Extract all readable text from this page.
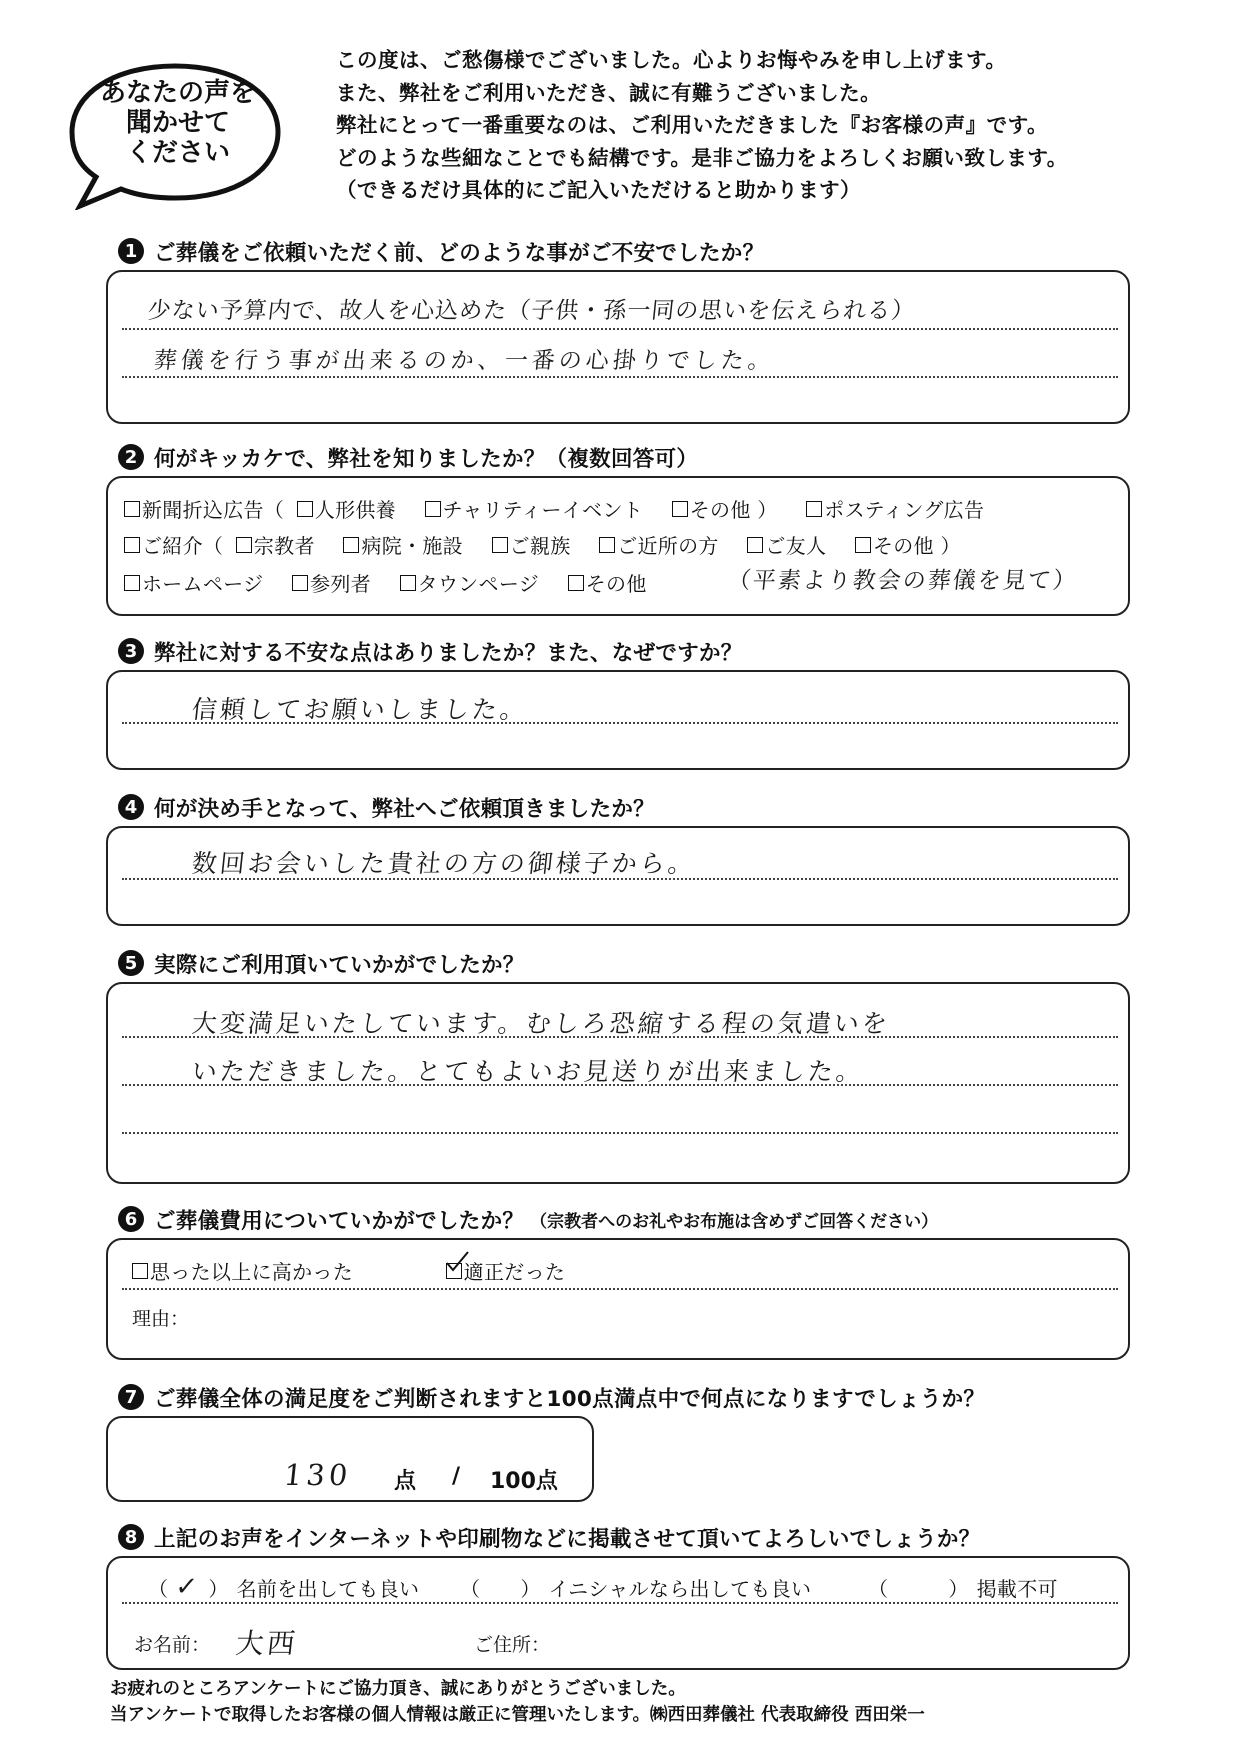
あなたの声を
聞かせて
ください
この度は、ご愁傷様でございました。心よりお悔やみを申し上げます。
また、弊社をご利用いただき、誠に有難うございました。
弊社にとって一番重要なのは、ご利用いただきました『お客様の声』です。
どのような些細なことでも結構です。是非ご協力をよろしくお願い致します。
（できるだけ具体的にご記入いただけると助かります）
1 ご葬儀をご依頼いただく前、どのような事がご不安でしたか？
少ない予算内で、故人を心込めた（子供・孫一同の思いを伝えられる）
葬儀を行う事が出来るのか、一番の心掛りでした。
2 何がキッカケで、弊社を知りましたか？（複数回答可）
新聞折込広告（
人形供養
チャリティーイベント
その他 ）
ポスティング広告
ご紹介（
宗教者
病院・施設
ご親族
ご近所の方
ご友人
その他 ）
ホームページ
参列者
タウンページ
その他	（平素より教会の葬儀を見て）
3 弊社に対する不安な点はありましたか？また、なぜですか？
信頼してお願いしました。
4 何が決め手となって、弊社へご依頼頂きましたか？
数回お会いした貴社の方の御様子から。
5 実際にご利用頂いていかがでしたか？
大変満足いたしています。むしろ恐縮する程の気遣いを
いただきました。とてもよいお見送りが出来ました。
6 ご葬儀費用についていかがでしたか？ （宗教者へのお礼やお布施は含めずご回答ください）
思った以上に高かった
	適正だった
理由：
7 ご葬儀全体の満足度をご判断されますと100点満点中で何点になりますでしょうか？
130 点 / 100点
8 上記のお声をインターネットや印刷物などに掲載させて頂いてよろしいでしょうか？
（ ✓ ） 名前を出しても良い （ ） イニシャルなら出しても良い	（	） 掲載不可
お名前： 大西	ご住所：
お疲れのところアンケートにご協力頂き、誠にありがとうございました。
当アンケートで取得したお客様の個人情報は厳正に管理いたします。㈱西田葬儀社 代表取締役 西田栄一
